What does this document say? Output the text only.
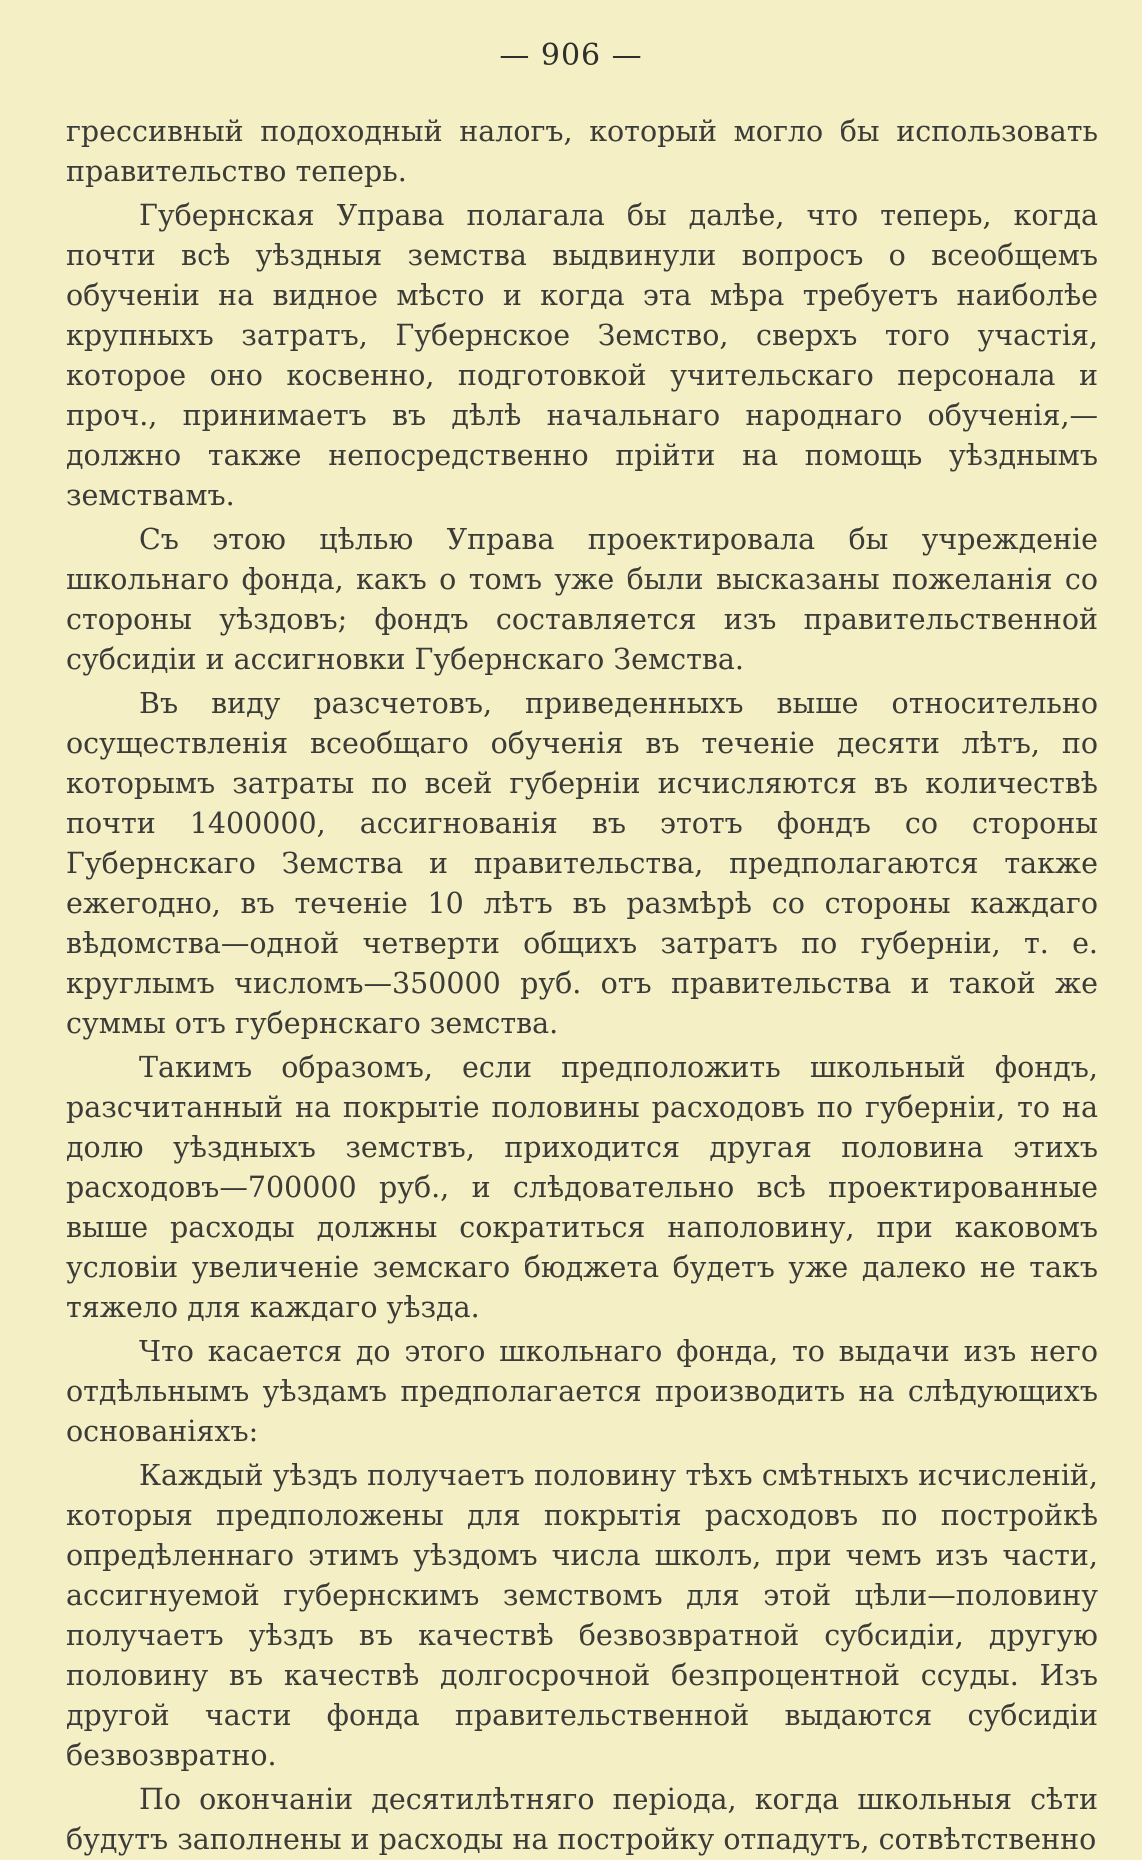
— 906 —

грессивный подоходный налогъ, который могло бы использовать правительство теперь.

Губернская Управа полагала бы далѣе, что теперь, когда почти всѣ уѣздныя земства выдвинули вопросъ о всеобщемъ обученіи на видное мѣсто и когда эта мѣра требуетъ наиболѣе крупныхъ затратъ, Губернское Земство, сверхъ того участія, которое оно косвенно, подготовкой учительскаго персонала и проч., принимаетъ въ дѣлѣ начальнаго народнаго обученія,—должно также непосредственно прійти на помощь уѣзднымъ земствамъ.

Съ этою цѣлью Управа проектировала бы учрежденіе школьнаго фонда, какъ о томъ уже были высказаны пожеланія со стороны уѣздовъ; фондъ составляется изъ правительственной субсидіи и ассигновки Губернскаго Земства.

Въ виду разсчетовъ, приведенныхъ выше относительно осуществленія всеобщаго обученія въ теченіе десяти лѣтъ, по которымъ затраты по всей губерніи исчисляются въ количествѣ почти 1400000, ассигнованія въ этотъ фондъ со стороны Губернскаго Земства и правительства, предполагаются также ежегодно, въ теченіе 10 лѣтъ въ размѣрѣ со стороны каждаго вѣдомства—одной четверти общихъ затратъ по губерніи, т. е. круглымъ числомъ—350000 руб. отъ правительства и такой же суммы отъ губернскаго земства.

Такимъ образомъ, если предположить школьный фондъ, разсчитанный на покрытіе половины расходовъ по губерніи, то на долю уѣздныхъ земствъ, приходится другая половина этихъ расходовъ—700000 руб., и слѣдовательно всѣ проектированные выше расходы должны сократиться наполовину, при каковомъ условіи увеличеніе земскаго бюджета будетъ уже далеко не такъ тяжело для каждаго уѣзда.

Что касается до этого школьнаго фонда, то выдачи изъ него отдѣльнымъ уѣздамъ предполагается производить на слѣдующихъ основаніяхъ:

Каждый уѣздъ получаетъ половину тѣхъ смѣтныхъ исчисленій, которыя предположены для покрытія расходовъ по постройкѣ опредѣленнаго этимъ уѣздомъ числа школъ, при чемъ изъ части, ассигнуемой губернскимъ земствомъ для этой цѣли—половину получаетъ уѣздъ въ качествѣ безвозвратной субсидіи, другую половину въ качествѣ долгосрочной безпроцентной ссуды. Изъ другой части фонда правительственной выдаются субсидіи безвозвратно.

По окончаніи десятилѣтняго періода, когда школьныя сѣти будутъ заполнены и расходы на постройку отпадутъ, сотвѣтственно
